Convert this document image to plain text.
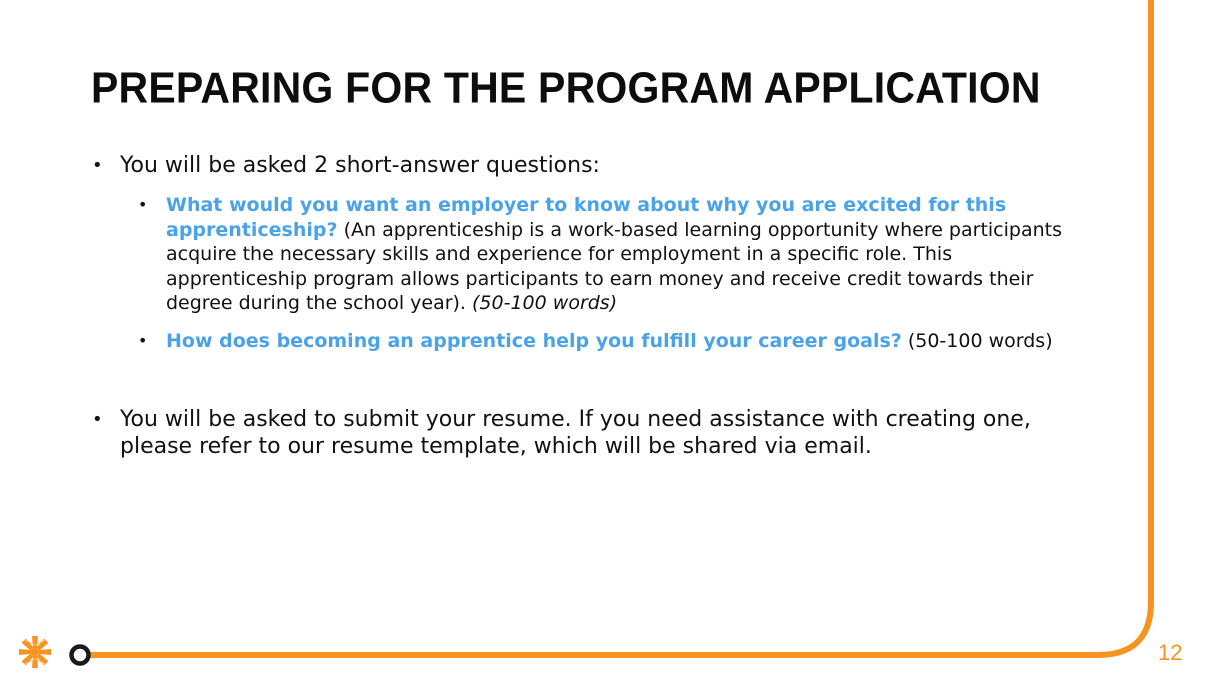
PREPARING FOR THE PROGRAM APPLICATION
• You will be asked 2 short-answer questions:
• What would you want an employer to know about why you are excited for this apprenticeship? (An apprenticeship is a work-based learning opportunity where participants acquire the necessary skills and experience for employment in a specific role. This apprenticeship program allows participants to earn money and receive credit towards their degree during the school year). (50-100 words)
• How does becoming an apprentice help you fulfill your career goals? (50-100 words)
• You will be asked to submit your resume. If you need assistance with creating one, please refer to our resume template, which will be shared via email.
12
